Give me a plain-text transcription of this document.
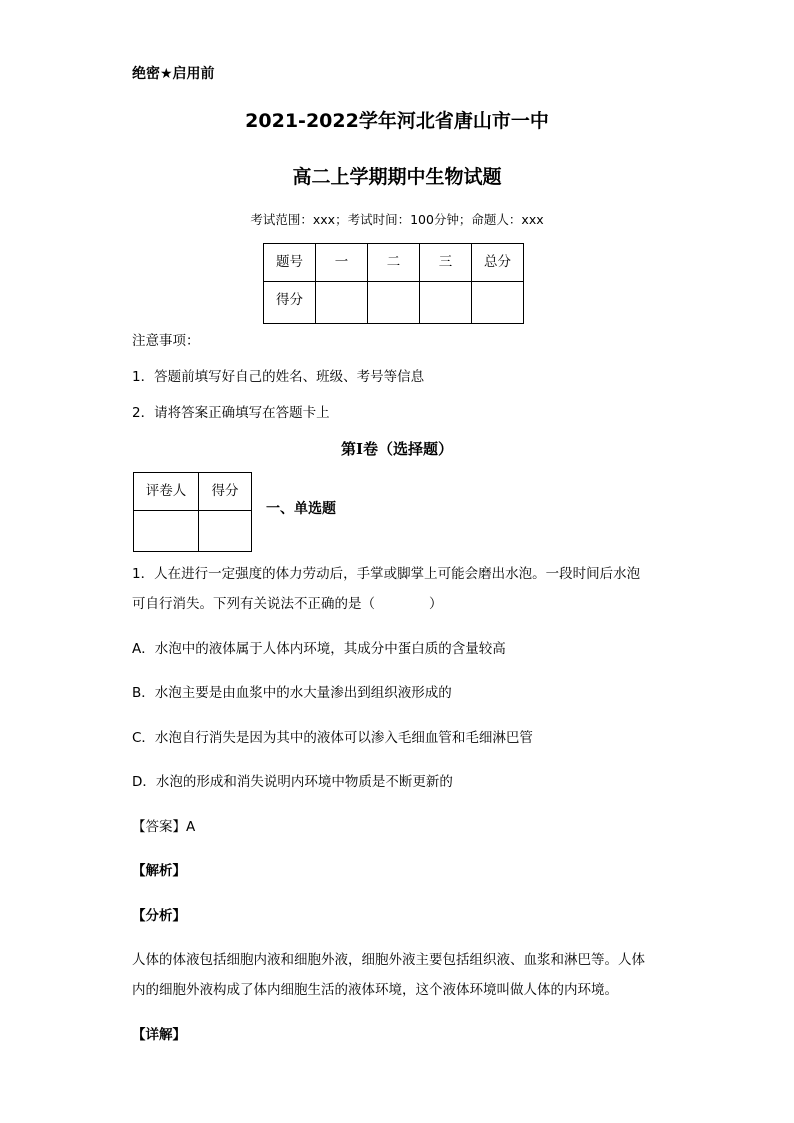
绝密★启用前
2021-2022学年河北省唐山市一中
高二上学期期中生物试题
考试范围：xxx；考试时间：100分钟；命题人：xxx
题号	一	二	三	总分
得分				
注意事项：
1．答题前填写好自己的姓名、班级、考号等信息
2．请将答案正确填写在答题卡上
第I卷（选择题）
评卷人	得分

一、单选题
1．人在进行一定强度的体力劳动后，手掌或脚掌上可能会磨出水泡。一段时间后水泡
可自行消失。下列有关说法不正确的是（　　　　）
A．水泡中的液体属于人体内环境，其成分中蛋白质的含量较高
B．水泡主要是由血浆中的水大量渗出到组织液形成的
C．水泡自行消失是因为其中的液体可以渗入毛细血管和毛细淋巴管
D．水泡的形成和消失说明内环境中物质是不断更新的
【答案】A
【解析】
【分析】
人体的体液包括细胞内液和细胞外液，细胞外液主要包括组织液、血浆和淋巴等。人体
内的细胞外液构成了体内细胞生活的液体环境，这个液体环境叫做人体的内环境。
【详解】
